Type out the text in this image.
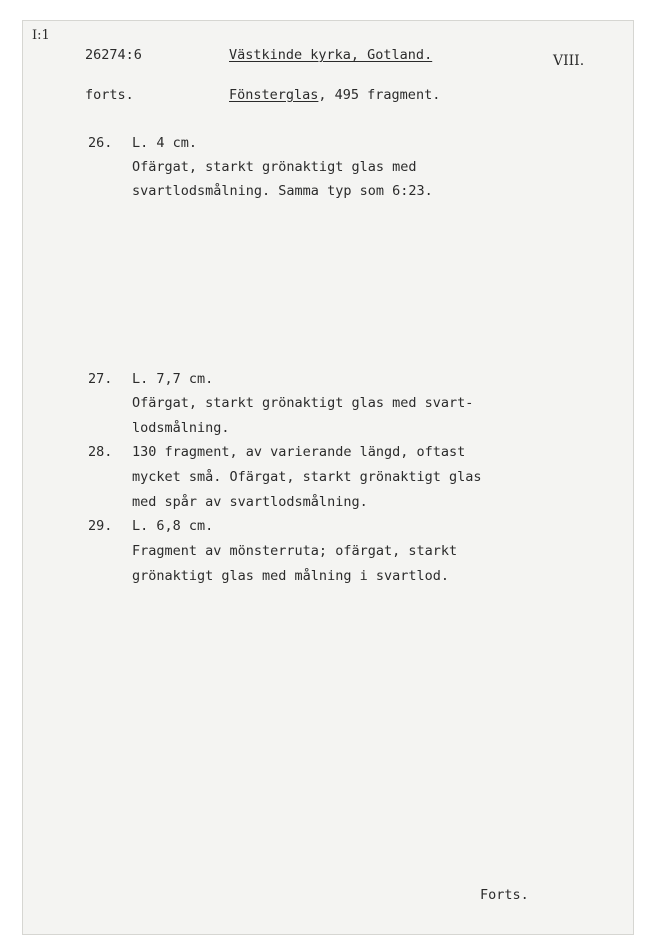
I:1
26274:6	Västkinde kyrka, Gotland.	VIII.
forts.	Fönsterglas, 495 fragment.
26. L. 4 cm.
Ofärgat, starkt grönaktigt glas med
svartlodsmålning. Samma typ som 6:23.
27. L. 7,7 cm.
Ofärgat, starkt grönaktigt glas med svart-
lodsmålning.
28. 130 fragment, av varierande längd, oftast
mycket små. Ofärgat, starkt grönaktigt glas
med spår av svartlodsmålning.
29. L. 6,8 cm.
Fragment av mönsterruta; ofärgat, starkt
grönaktigt glas med målning i svartlod.
Forts.
